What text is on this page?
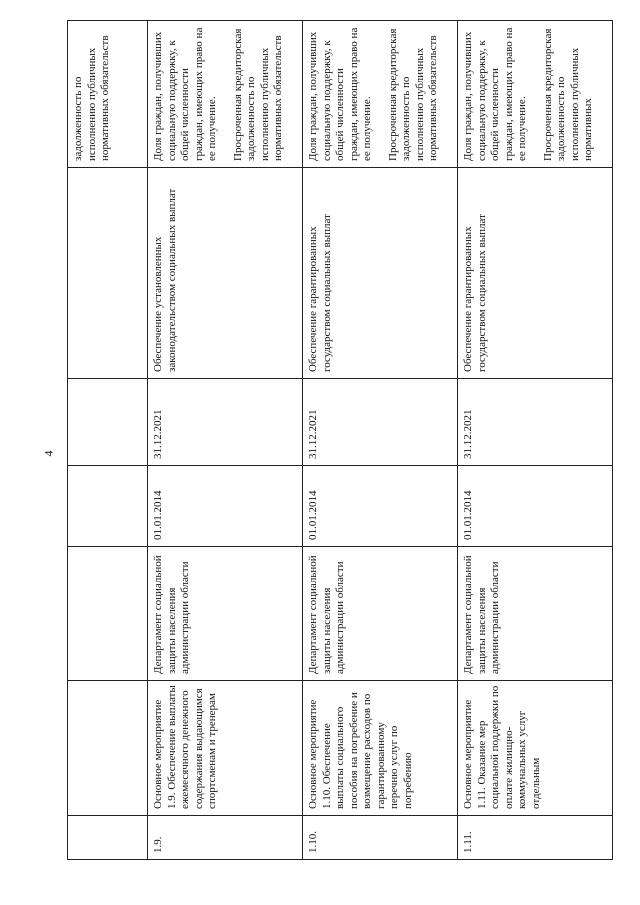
4

						задолженность по исполнению публичных нормативных обязательств

1.9.	Основное мероприятие 1.9. Обеспечение выплаты ежемесячного денежного содержания выдающимся спортсменам и тренерам	Департамент социальной защиты населения администрации области	01.01.2014	31.12.2021	Обеспечение установленных законодательством социальных выплат	Доля граждан, получивших социальную поддержку, к общей численности граждан, имеющих право на ее получение. Просроченная кредиторская задолженность по исполнению публичных нормативных обязательств

1.10.	Основное мероприятие 1.10. Обеспечение выплаты социального пособия на погребение и возмещение расходов по гарантированному перечню услуг по погребению	Департамент социальной защиты населения администрации области	01.01.2014	31.12.2021	Обеспечение гарантированных государством социальных выплат	Доля граждан, получивших социальную поддержку, к общей численности граждан, имеющих право на ее получение. Просроченная кредиторская задолженность по исполнению публичных нормативных обязательств

1.11.	Основное мероприятие 1.11. Оказание мер социальной поддержки по оплате жилищно-коммунальных услуг отдельным	Департамент социальной защиты населения администрации области	01.01.2014	31.12.2021	Обеспечение гарантированных государством социальных выплат	Доля граждан, получивших социальную поддержку, к общей численности граждан, имеющих право на ее получение. Просроченная кредиторская задолженность по исполнению публичных нормативных
